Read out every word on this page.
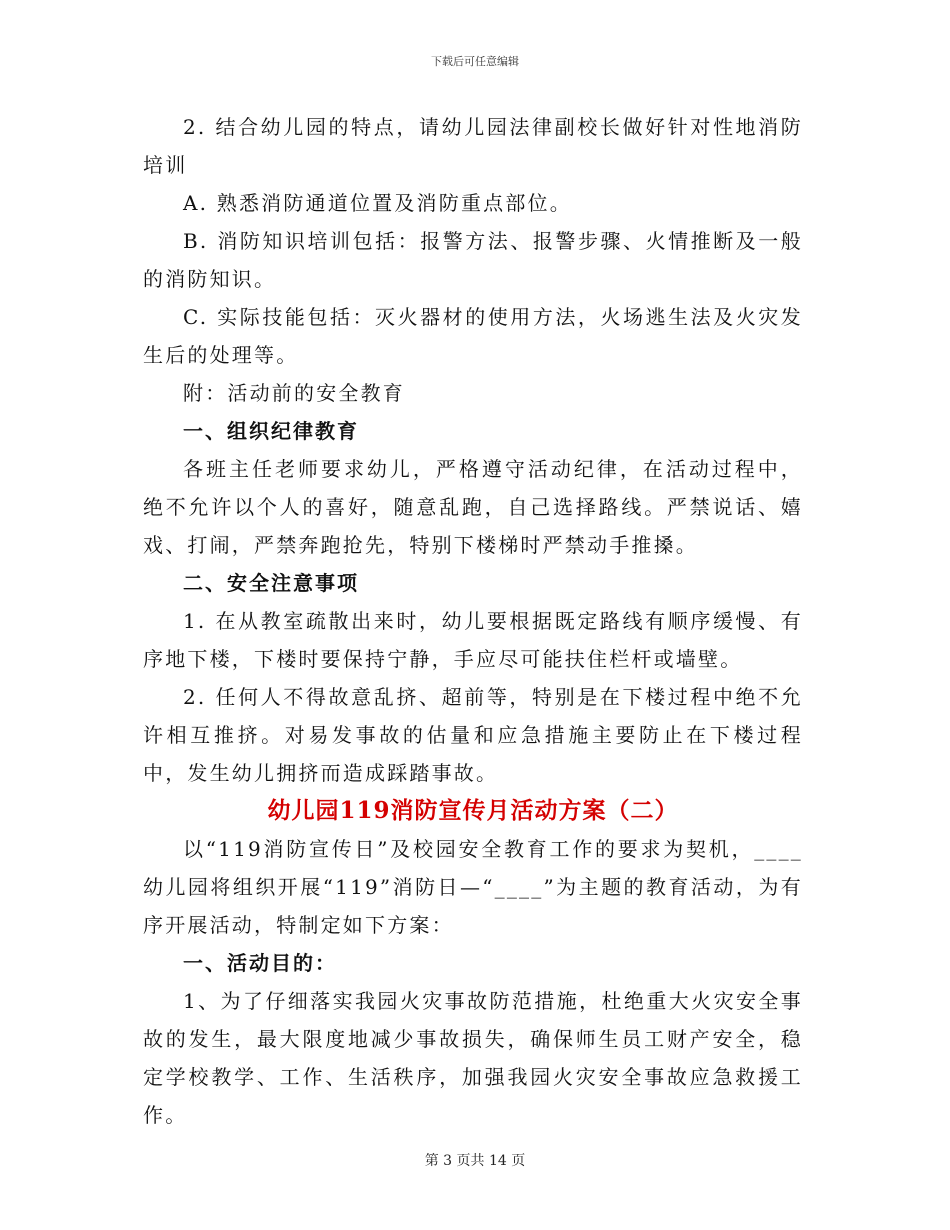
下载后可任意编辑

2. 结合幼儿园的特点，请幼儿园法律副校长做好针对性地消防培训

A. 熟悉消防通道位置及消防重点部位。

B. 消防知识培训包括：报警方法、报警步骤、火情推断及一般的消防知识。

C. 实际技能包括：灭火器材的使用方法，火场逃生法及火灾发生后的处理等。

附：活动前的安全教育

一、组织纪律教育

各班主任老师要求幼儿，严格遵守活动纪律，在活动过程中，绝不允许以个人的喜好，随意乱跑，自己选择路线。严禁说话、嬉戏、打闹，严禁奔跑抢先，特别下楼梯时严禁动手推搡。

二、安全注意事项

1. 在从教室疏散出来时，幼儿要根据既定路线有顺序缓慢、有序地下楼，下楼时要保持宁静，手应尽可能扶住栏杆或墙壁。

2. 任何人不得故意乱挤、超前等，特别是在下楼过程中绝不允许相互推挤。对易发事故的估量和应急措施主要防止在下楼过程中，发生幼儿拥挤而造成踩踏事故。

幼儿园119消防宣传月活动方案（二）

以“119消防宣传日”及校园安全教育工作的要求为契机，____幼儿园将组织开展“119”消防日—“____”为主题的教育活动，为有序开展活动，特制定如下方案：

一、活动目的：

1、为了仔细落实我园火灾事故防范措施，杜绝重大火灾安全事故的发生，最大限度地减少事故损失，确保师生员工财产安全，稳定学校教学、工作、生活秩序，加强我园火灾安全事故应急救援工作。

第 3 页共 14 页
